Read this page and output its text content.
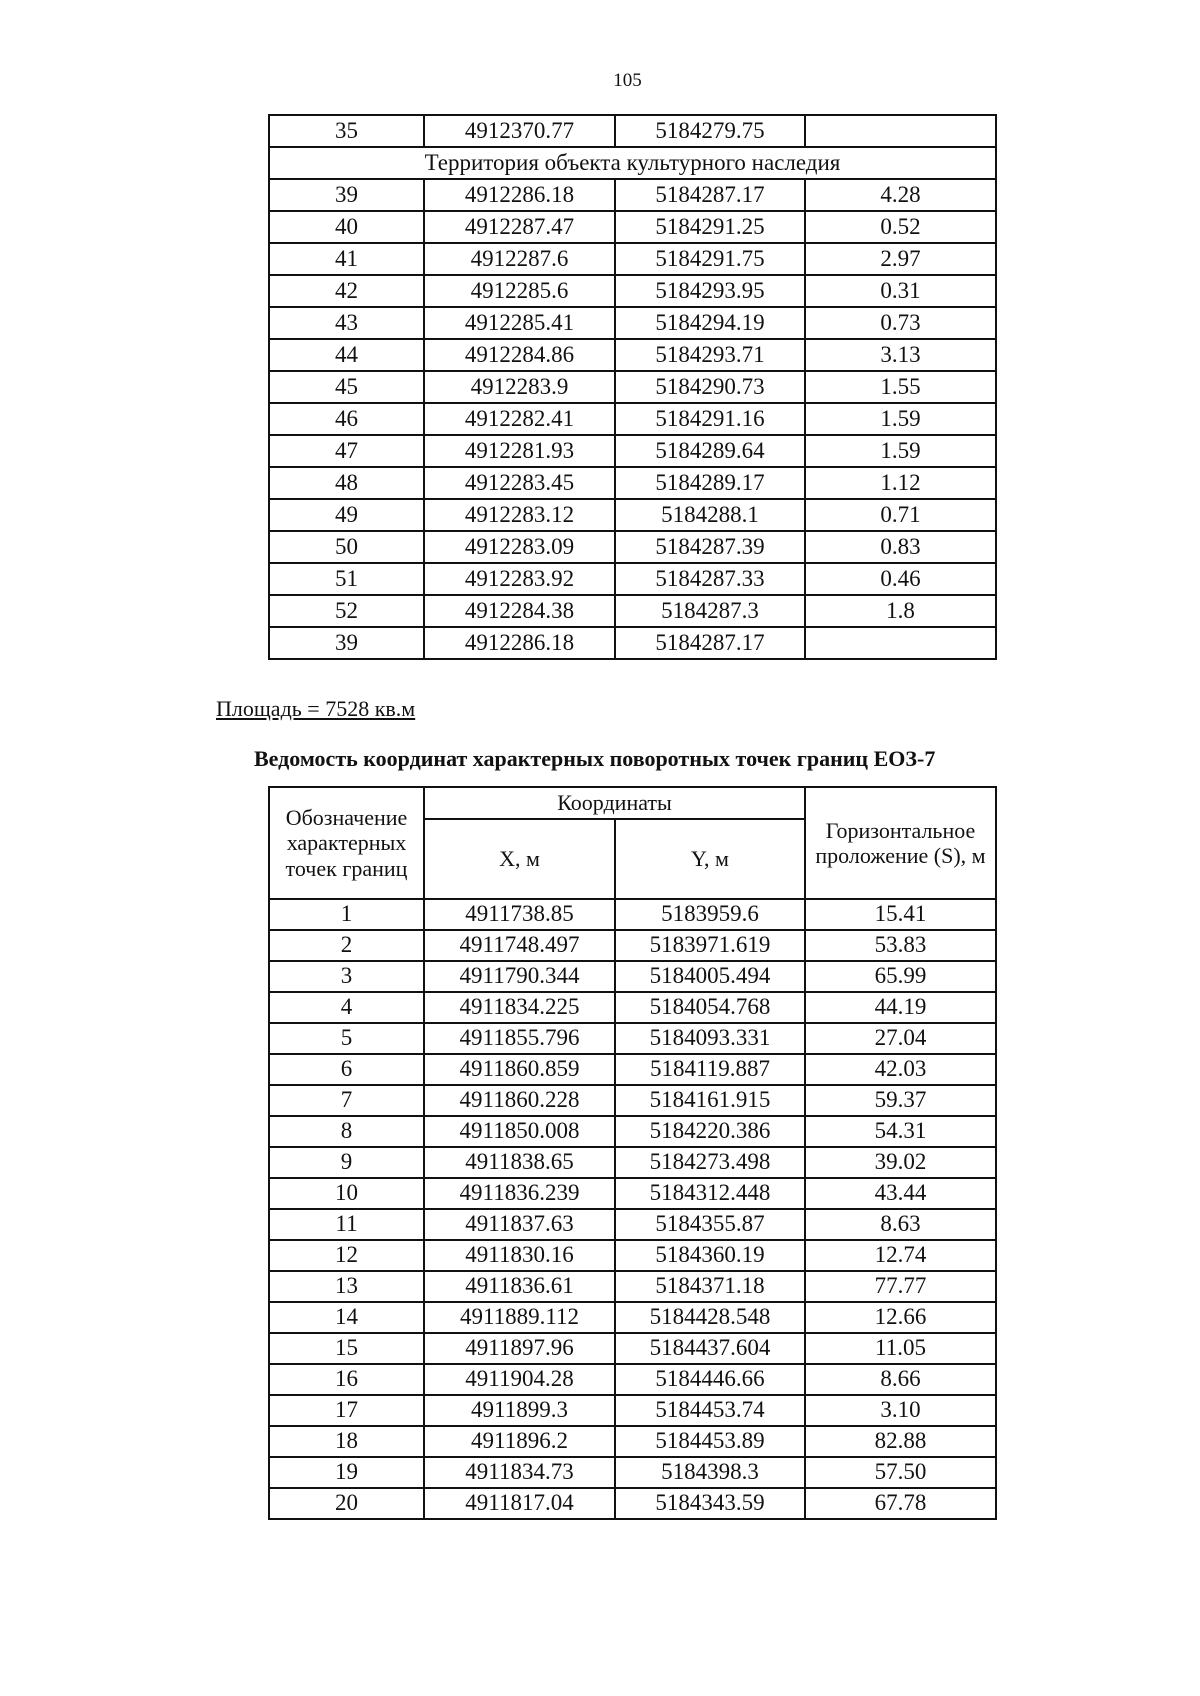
105
35	4912370.77	5184279.75	
Территория объекта культурного наследия			
39	4912286.18	5184287.17	4.28
40	4912287.47	5184291.25	0.52
41	4912287.6	5184291.75	2.97
42	4912285.6	5184293.95	0.31
43	4912285.41	5184294.19	0.73
44	4912284.86	5184293.71	3.13
45	4912283.9	5184290.73	1.55
46	4912282.41	5184291.16	1.59
47	4912281.93	5184289.64	1.59
48	4912283.45	5184289.17	1.12
49	4912283.12	5184288.1	0.71
50	4912283.09	5184287.39	0.83
51	4912283.92	5184287.33	0.46
52	4912284.38	5184287.3	1.8
39	4912286.18	5184287.17	
Площадь = 7528 кв.м
Ведомость координат характерных поворотных точек границ ЕОЗ-7
Обозначение характерных точек границ	Координаты		Горизонтальное проложение (S), м
	X, м	Y, м	
1	4911738.85	5183959.6	15.41
2	4911748.497	5183971.619	53.83
3	4911790.344	5184005.494	65.99
4	4911834.225	5184054.768	44.19
5	4911855.796	5184093.331	27.04
6	4911860.859	5184119.887	42.03
7	4911860.228	5184161.915	59.37
8	4911850.008	5184220.386	54.31
9	4911838.65	5184273.498	39.02
10	4911836.239	5184312.448	43.44
11	4911837.63	5184355.87	8.63
12	4911830.16	5184360.19	12.74
13	4911836.61	5184371.18	77.77
14	4911889.112	5184428.548	12.66
15	4911897.96	5184437.604	11.05
16	4911904.28	5184446.66	8.66
17	4911899.3	5184453.74	3.10
18	4911896.2	5184453.89	82.88
19	4911834.73	5184398.3	57.50
20	4911817.04	5184343.59	67.78
